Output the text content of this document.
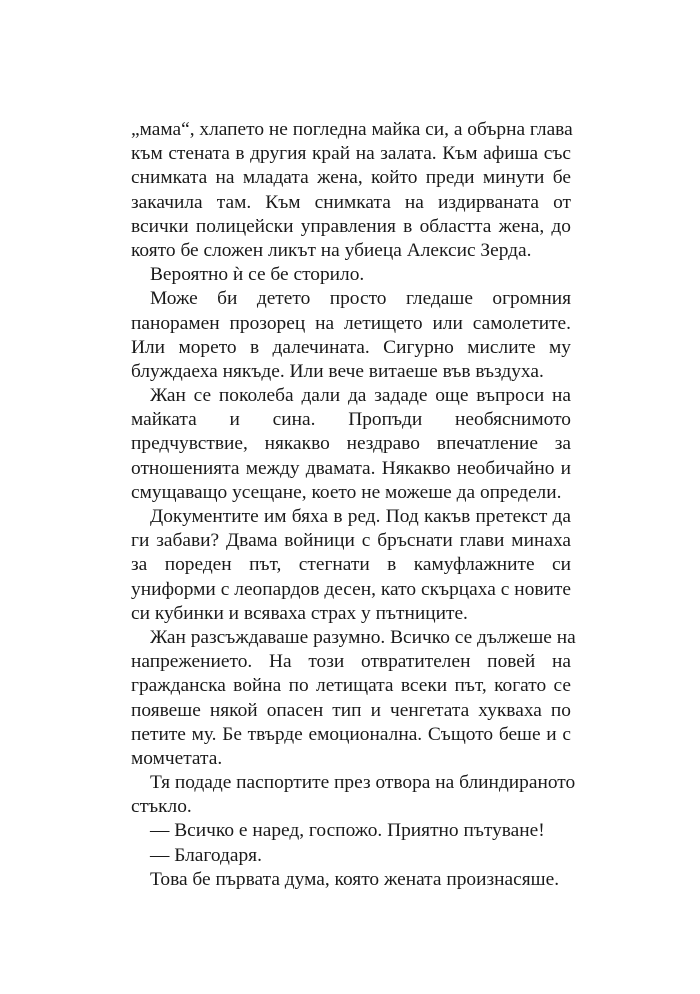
„мама“, хлапето не погледна майка си, а обърна глава
към стената в другия край на залата. Към афиша със
снимката на младата жена, който преди минути бе
закачила там. Към снимката на издирваната от
всички полицейски управления в областта жена, до
която бе сложен ликът на убиеца Алексис Зерда.
Вероятно ѝ се бе сторило.
Може би детето просто гледаше огромния
панорамен прозорец на летището или самолетите.
Или морето в далечината. Сигурно мислите му
блуждаеха някъде. Или вече витаеше във въздуха.
Жан се поколеба дали да зададе още въпроси на
майката и сина. Пропъди необяснимото
предчувствие, някакво нездраво впечатление за
отношенията между двамата. Някакво необичайно и
смущаващо усещане, което не можеше да определи.
Документите им бяха в ред. Под какъв претекст да
ги забави? Двама войници с бръснати глави минаха
за пореден път, стегнати в камуфлажните си
униформи с леопардов десен, като скърцаха с новите
си кубинки и всяваха страх у пътниците.
Жан разсъждаваше разумно. Всичко се дължеше на
напрежението. На този отвратителен повей на
гражданска война по летищата всеки път, когато се
появеше някой опасен тип и ченгетата хукваха по
петите му. Бе твърде емоционална. Същото беше и с
момчетата.
Тя подаде паспортите през отвора на блиндираното
стъкло.
— Всичко е наред, госпожо. Приятно пътуване!
— Благодаря.
Това бе първата дума, която жената произнасяше.
